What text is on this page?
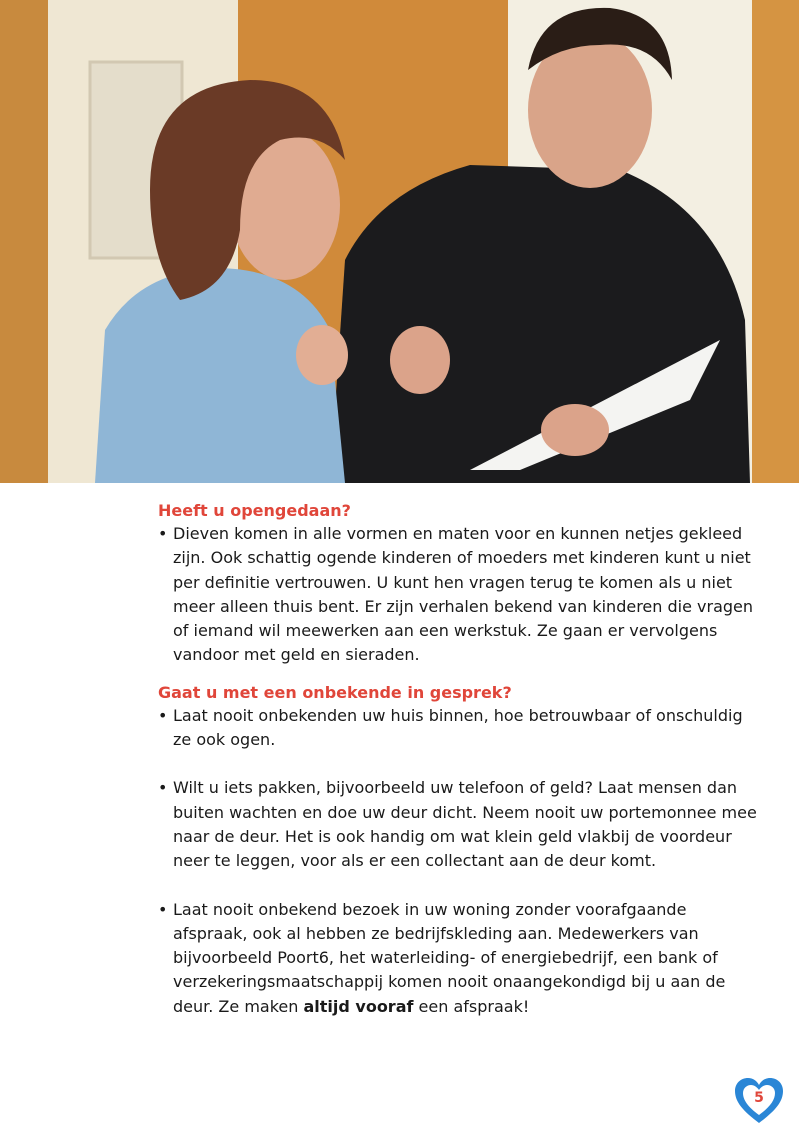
Heeft u opengedaan?

• Dieven komen in alle vormen en maten voor en kunnen netjes gekleed zijn. Ook schattig ogende kinderen of moeders met kinderen kunt u niet per definitie vertrouwen. U kunt hen vragen terug te komen als u niet meer alleen thuis bent. Er zijn verhalen bekend van kinderen die vragen of iemand wil meewerken aan een werkstuk. Ze gaan er vervolgens vandoor met geld en sieraden.

Gaat u met een onbekende in gesprek?

• Laat nooit onbekenden uw huis binnen, hoe betrouwbaar of onschuldig ze ook ogen.

• Wilt u iets pakken, bijvoorbeeld uw telefoon of geld? Laat mensen dan buiten wachten en doe uw deur dicht. Neem nooit uw portemonnee mee naar de deur. Het is ook handig om wat klein geld vlakbij de voordeur neer te leggen, voor als er een collectant aan de deur komt.

• Laat nooit onbekend bezoek in uw woning zonder voorafgaande afspraak, ook al hebben ze bedrijfskleding aan. Medewerkers van bijvoorbeeld Poort6, het waterleiding- of energiebedrijf, een bank of verzekeringsmaatschappij komen nooit onaangekondigd bij u aan de deur. Ze maken altijd vooraf een afspraak!

5
